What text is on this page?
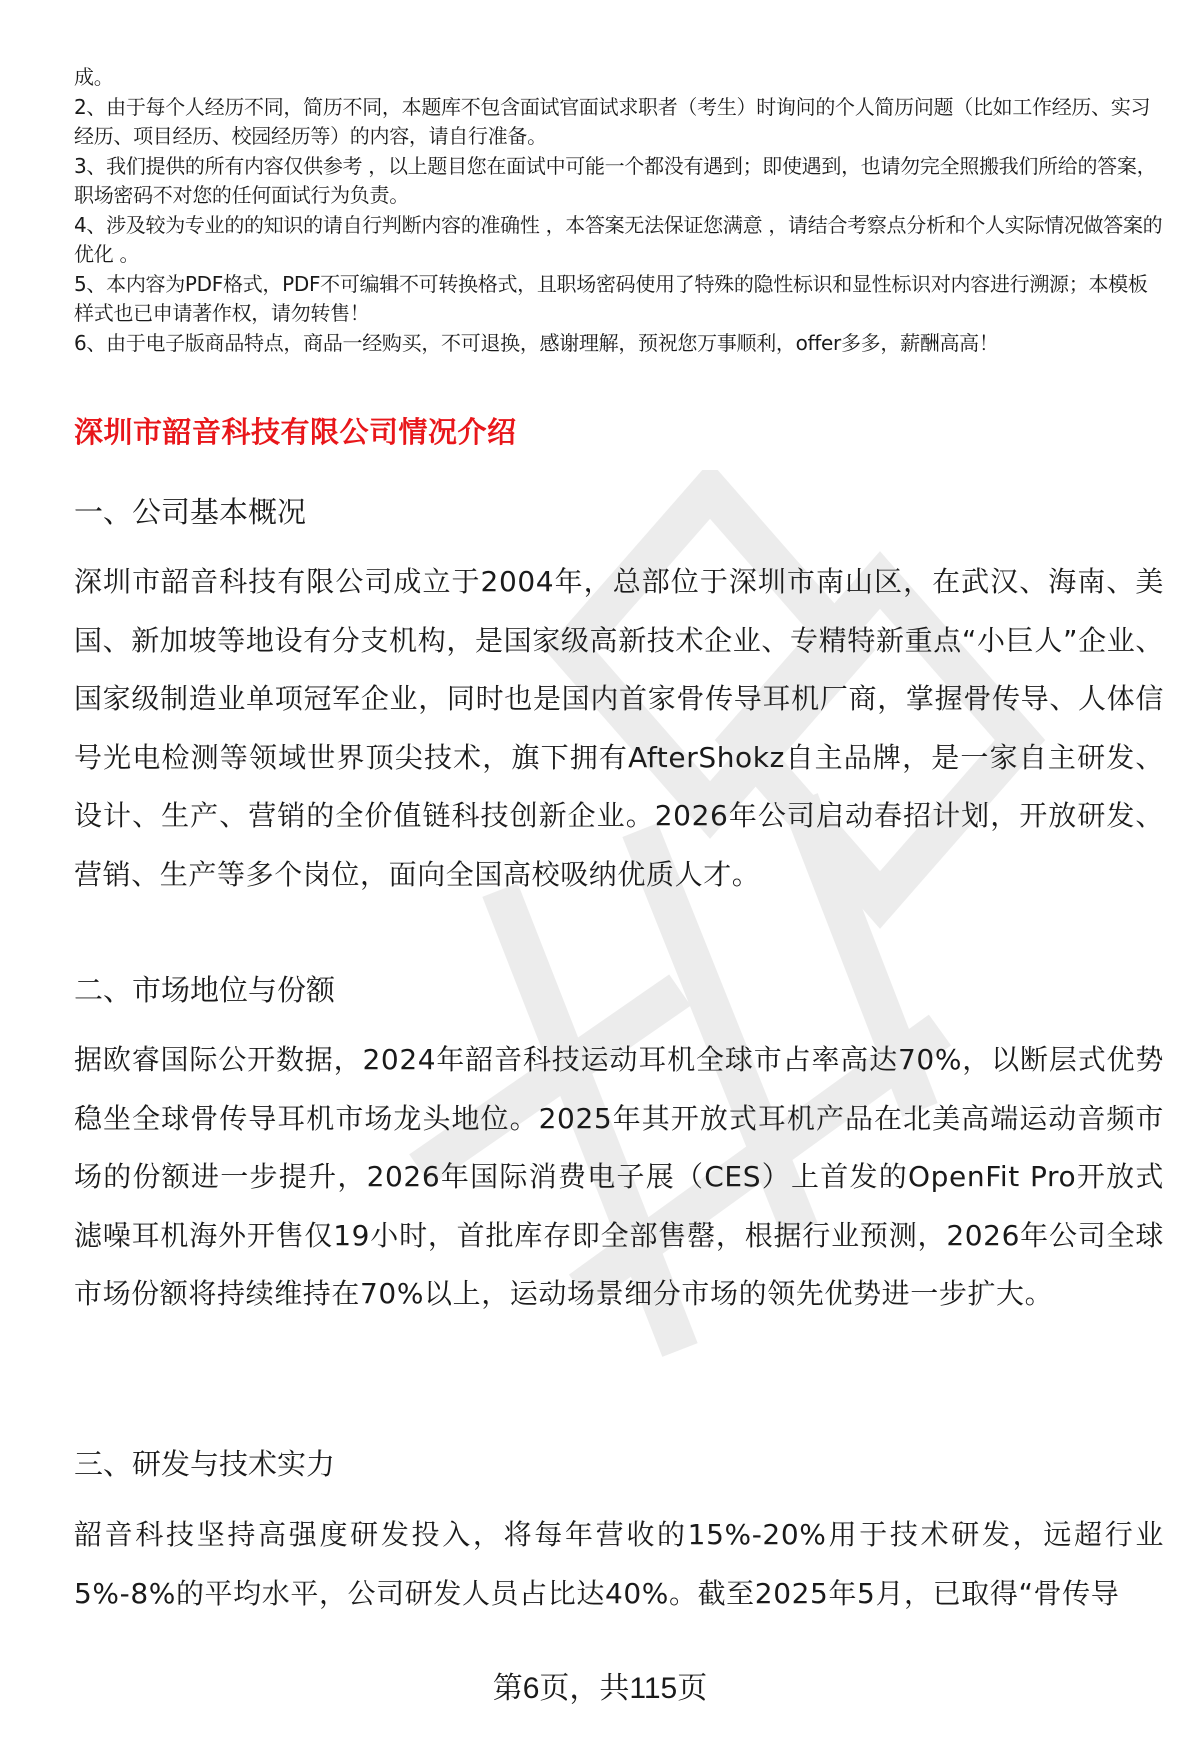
成。

2、由于每个人经历不同，简历不同，本题库不包含面试官面试求职者（考生）时询问的个人简历问题（比如工作经历、实习经历、项目经历、校园经历等）的内容，请自行准备。

3、我们提供的所有内容仅供参考 ，以上题目您在面试中可能一个都没有遇到；即使遇到，也请勿完全照搬我们所给的答案，职场密码不对您的任何面试行为负责。

4、涉及较为专业的的知识的请自行判断内容的准确性 ，本答案无法保证您满意 ，请结合考察点分析和个人实际情况做答案的优化 。

5、本内容为PDF格式，PDF不可编辑不可转换格式，且职场密码使用了特殊的隐性标识和显性标识对内容进行溯源；本模板样式也已申请著作权，请勿转售！

6、由于电子版商品特点，商品一经购买，不可退换，感谢理解，预祝您万事顺利，offer多多，薪酬高高！

深圳市韶音科技有限公司情况介绍
一、公司基本概况

深圳市韶音科技有限公司成立于2004年，总部位于深圳市南山区，在武汉、海南、美国、新加坡等地设有分支机构，是国家级高新技术企业、专精特新重点“小巨人”企业、国家级制造业单项冠军企业，同时也是国内首家骨传导耳机厂商，掌握骨传导、人体信号光电检测等领域世界顶尖技术，旗下拥有AfterShokz自主品牌，是一家自主研发、设计、生产、营销的全价值链科技创新企业。2026年公司启动春招计划，开放研发、营销、生产等多个岗位，面向全国高校吸纳优质人才。

二、市场地位与份额

据欧睿国际公开数据，2024年韶音科技运动耳机全球市占率高达70%，以断层式优势稳坐全球骨传导耳机市场龙头地位。2025年其开放式耳机产品在北美高端运动音频市场的份额进一步提升，2026年国际消费电子展（CES）上首发的OpenFit Pro开放式滤噪耳机海外开售仅19小时，首批库存即全部售罄，根据行业预测，2026年公司全球市场份额将持续维持在70%以上，运动场景细分市场的领先优势进一步扩大。

三、研发与技术实力

韶音科技坚持高强度研发投入，将每年营收的15%-20%用于技术研发，远超行业5%-8%的平均水平，公司研发人员占比达40%。截至2025年5月，已取得“骨传导

第6页，共115页
